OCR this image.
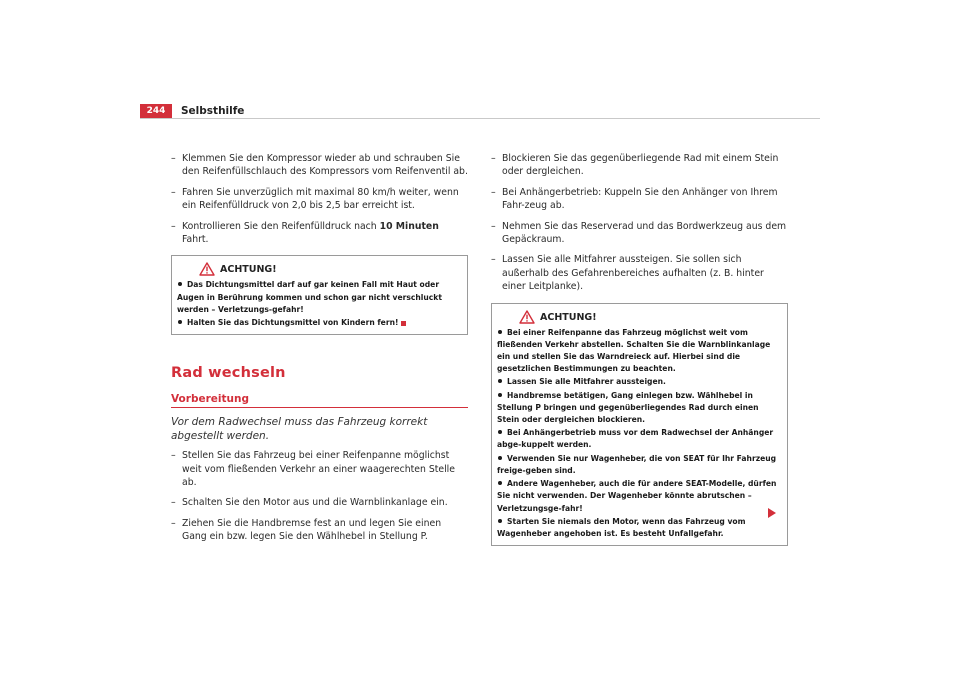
244	Selbsthilfe
– Klemmen Sie den Kompressor wieder ab und schrauben Sie den Reifenfüllschlauch des Kompressors vom Reifenventil ab.
– Fahren Sie unverzüglich mit maximal 80 km/h weiter, wenn ein Reifenfülldruck von 2,0 bis 2,5 bar erreicht ist.
– Kontrollieren Sie den Reifenfülldruck nach 10 Minuten Fahrt.
ACHTUNG!
Das Dichtungsmittel darf auf gar keinen Fall mit Haut oder Augen in Berührung kommen und schon gar nicht verschluckt werden – Verletzungs-gefahr!
Halten Sie das Dichtungsmittel von Kindern fern!
Rad wechseln
Vorbereitung
Vor dem Radwechsel muss das Fahrzeug korrekt abgestellt werden.
– Stellen Sie das Fahrzeug bei einer Reifenpanne möglichst weit vom fließenden Verkehr an einer waagerechten Stelle ab.
– Schalten Sie den Motor aus und die Warnblinkanlage ein.
– Ziehen Sie die Handbremse fest an und legen Sie einen Gang ein bzw. legen Sie den Wählhebel in Stellung P.
– Blockieren Sie das gegenüberliegende Rad mit einem Stein oder dergleichen.
– Bei Anhängerbetrieb: Kuppeln Sie den Anhänger von Ihrem Fahr-zeug ab.
– Nehmen Sie das Reserverad und das Bordwerkzeug aus dem Gepäckraum.
– Lassen Sie alle Mitfahrer aussteigen. Sie sollen sich außerhalb des Gefahrenbereiches aufhalten (z. B. hinter einer Leitplanke).
ACHTUNG!
Bei einer Reifenpanne das Fahrzeug möglichst weit vom fließenden Verkehr abstellen. Schalten Sie die Warnblinkanlage ein und stellen Sie das Warndreieck auf. Hierbei sind die gesetzlichen Bestimmungen zu beachten.
Lassen Sie alle Mitfahrer aussteigen.
Handbremse betätigen, Gang einlegen bzw. Wählhebel in Stellung P bringen und gegenüberliegendes Rad durch einen Stein oder dergleichen blockieren.
Bei Anhängerbetrieb muss vor dem Radwechsel der Anhänger abge-kuppelt werden.
Verwenden Sie nur Wagenheber, die von SEAT für Ihr Fahrzeug freige-geben sind.
Andere Wagenheber, auch die für andere SEAT-Modelle, dürfen Sie nicht verwenden. Der Wagenheber könnte abrutschen – Verletzungsge-fahr!
Starten Sie niemals den Motor, wenn das Fahrzeug vom Wagenheber angehoben ist. Es besteht Unfallgefahr.
